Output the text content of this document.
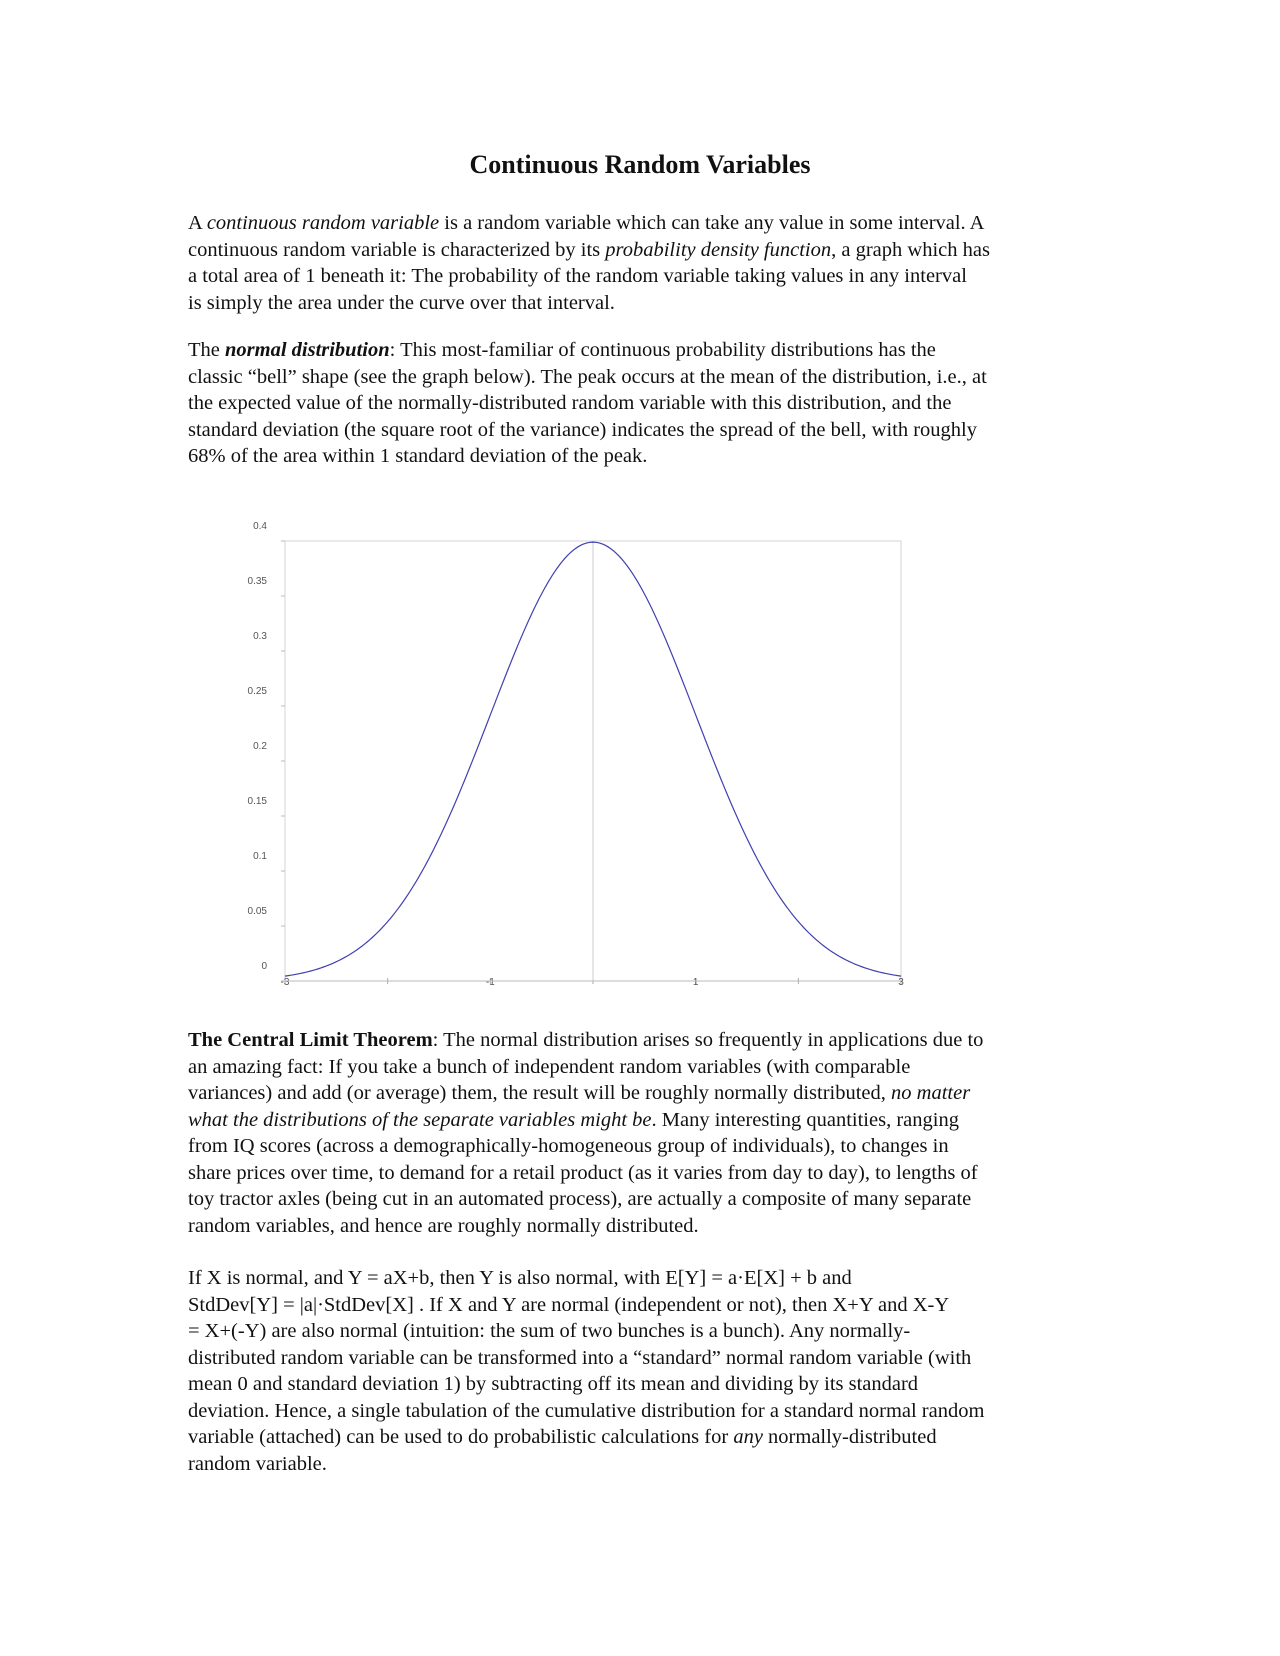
Continuous Random Variables

A continuous random variable is a random variable which can take any value in some interval. A
continuous random variable is characterized by its probability density function, a graph which has
a total area of 1 beneath it: The probability of the random variable taking values in any interval
is simply the area under the curve over that interval.

The normal distribution: This most-familiar of continuous probability distributions has the
classic “bell” shape (see the graph below). The peak occurs at the mean of the distribution, i.e., at
the expected value of the normally-distributed random variable with this distribution, and the
standard deviation (the square root of the variance) indicates the spread of the bell, with roughly
68% of the area within 1 standard deviation of the peak.

0
0.05
0.1
0.15
0.2
0.25
0.3
0.35
0.4
-3	-1	1	3

The Central Limit Theorem: The normal distribution arises so frequently in applications due to
an amazing fact: If you take a bunch of independent random variables (with comparable
variances) and add (or average) them, the result will be roughly normally distributed, no matter
what the distributions of the separate variables might be. Many interesting quantities, ranging
from IQ scores (across a demographically-homogeneous group of individuals), to changes in
share prices over time, to demand for a retail product (as it varies from day to day), to lengths of
toy tractor axles (being cut in an automated process), are actually a composite of many separate
random variables, and hence are roughly normally distributed.

If X is normal, and Y = aX+b, then Y is also normal, with E[Y] = a·E[X] + b and
StdDev[Y] = |a|·StdDev[X] . If X and Y are normal (independent or not), then X+Y and X-Y
= X+(-Y) are also normal (intuition: the sum of two bunches is a bunch). Any normally-
distributed random variable can be transformed into a “standard” normal random variable (with
mean 0 and standard deviation 1) by subtracting off its mean and dividing by its standard
deviation. Hence, a single tabulation of the cumulative distribution for a standard normal random
variable (attached) can be used to do probabilistic calculations for any normally-distributed
random variable.
